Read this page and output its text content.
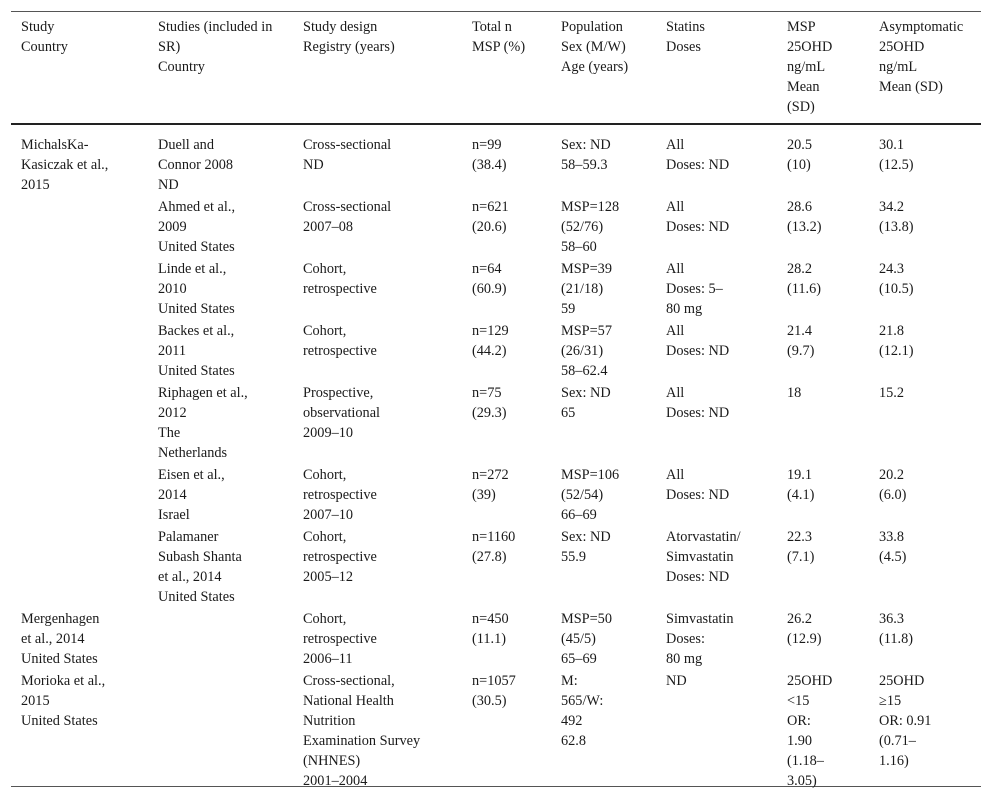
Study
Country
Studies (included in
SR)
Country
Study design
Registry (years)
Total n
MSP (%)
Population
Sex (M/W)
Age (years)
Statins
Doses
MSP
25OHD
ng/mL
Mean
(SD)
Asymptomatic
25OHD
ng/mL
Mean (SD)
MichalsKa-
Kasiczak et al.,
2015
Duell and
Connor 2008
ND
Cross-sectional
ND
n=99
(38.4)
Sex: ND
58–59.3
All
Doses: ND
20.5
(10)
30.1
(12.5)
Ahmed et al.,
2009
United States
Cross-sectional
2007–08
n=621
(20.6)
MSP=128
(52/76)
58–60
All
Doses: ND
28.6
(13.2)
34.2
(13.8)
Linde et al.,
2010
United States
Cohort,
retrospective
n=64
(60.9)
MSP=39
(21/18)
59
All
Doses: 5–
80 mg
28.2
(11.6)
24.3
(10.5)
Backes et al.,
2011
United States
Cohort,
retrospective
n=129
(44.2)
MSP=57
(26/31)
58–62.4
All
Doses: ND
21.4
(9.7)
21.8
(12.1)
Riphagen et al.,
2012
The
Netherlands
Prospective,
observational
2009–10
n=75
(29.3)
Sex: ND
65
All
Doses: ND
18	15.2
Eisen et al.,
2014
Israel
Cohort,
retrospective
2007–10
n=272
(39)
MSP=106
(52/54)
66–69
All
Doses: ND
19.1
(4.1)
20.2
(6.0)
Palamaner
Subash Shanta
et al., 2014
United States
Cohort,
retrospective
2005–12
n=1160
(27.8)
Sex: ND
55.9
Atorvastatin/
Simvastatin
Doses: ND
22.3
(7.1)
33.8
(4.5)
Mergenhagen
et al., 2014
United States
Cohort,
retrospective
2006–11
n=450
(11.1)
MSP=50
(45/5)
65–69
Simvastatin
Doses:
80 mg
26.2
(12.9)
36.3
(11.8)
Morioka et al.,
2015
United States
Cross-sectional,
National Health
Nutrition
Examination Survey
(NHNES)
2001–2004
n=1057
(30.5)
M:
565/W:
492
62.8
ND	25OHD
<15
OR:
1.90
(1.18–
3.05)
25OHD
≥15
OR: 0.91
(0.71–
1.16)
